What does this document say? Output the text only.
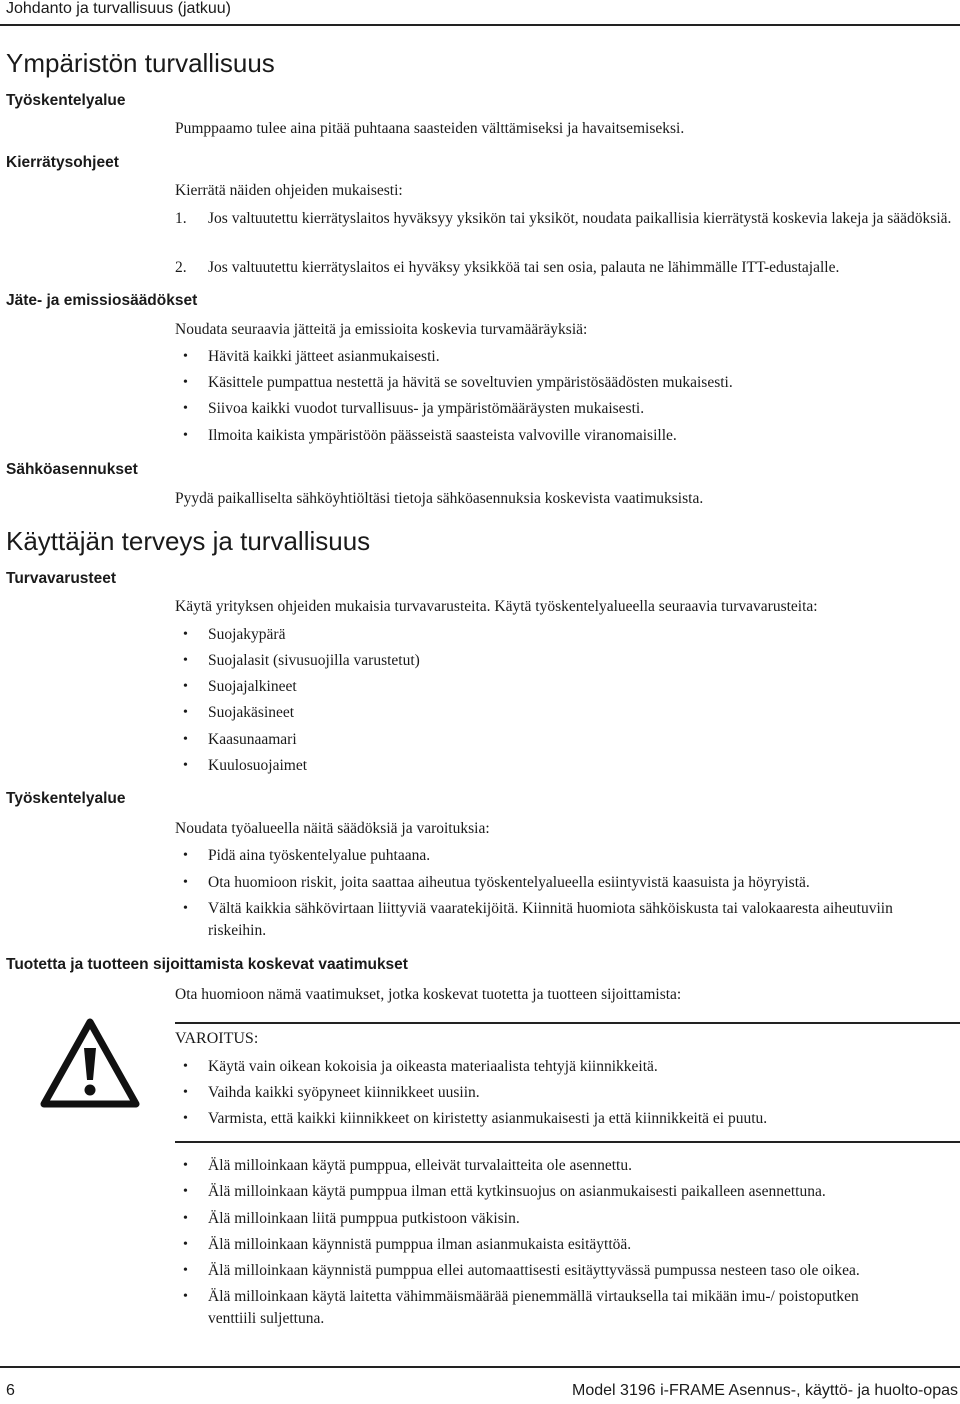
Johdanto ja turvallisuus (jatkuu)
Ympäristön turvallisuus
Työskentelyalue
Pumppaamo tulee aina pitää puhtaana saasteiden välttämiseksi ja havaitsemiseksi.
Kierrätysohjeet
Kierrätä näiden ohjeiden mukaisesti:
1. Jos valtuutettu kierrätyslaitos hyväksyy yksikön tai yksiköt, noudata paikallisia kierrätystä koskevia lakeja ja säädöksiä.
2. Jos valtuutettu kierrätyslaitos ei hyväksy yksikköä tai sen osia, palauta ne lähimmälle ITT-edustajalle.
Jäte- ja emissiosäädökset
Noudata seuraavia jätteitä ja emissioita koskevia turvamääräyksiä:
• Hävitä kaikki jätteet asianmukaisesti.
• Käsittele pumpattua nestettä ja hävitä se soveltuvien ympäristösäädösten mukaisesti.
• Siivoa kaikki vuodot turvallisuus- ja ympäristömääräysten mukaisesti.
• Ilmoita kaikista ympäristöön päässeistä saasteista valvoville viranomaisille.
Sähköasennukset
Pyydä paikalliselta sähköyhtiöltäsi tietoja sähköasennuksia koskevista vaatimuksista.
Käyttäjän terveys ja turvallisuus
Turvavarusteet
Käytä yrityksen ohjeiden mukaisia turvavarusteita. Käytä työskentelyalueella seuraavia turvavarusteita:
• Suojakypärä
• Suojalasit (sivusuojilla varustetut)
• Suojajalkineet
• Suojakäsineet
• Kaasunaamari
• Kuulosuojaimet
Työskentelyalue
Noudata työalueella näitä säädöksiä ja varoituksia:
• Pidä aina työskentelyalue puhtaana.
• Ota huomioon riskit, joita saattaa aiheutua työskentelyalueella esiintyvistä kaasuista ja höyryistä.
• Vältä kaikkia sähkövirtaan liittyviä vaaratekijöitä. Kiinnitä huomiota sähköiskusta tai valokaaresta aiheutuviin riskeihin.
Tuotetta ja tuotteen sijoittamista koskevat vaatimukset
Ota huomioon nämä vaatimukset, jotka koskevat tuotetta ja tuotteen sijoittamista:
VAROITUS:
• Käytä vain oikean kokoisia ja oikeasta materiaalista tehtyjä kiinnikkeitä.
• Vaihda kaikki syöpyneet kiinnikkeet uusiin.
• Varmista, että kaikki kiinnikkeet on kiristetty asianmukaisesti ja että kiinnikkeitä ei puutu.
• Älä milloinkaan käytä pumppua, elleivät turvalaitteita ole asennettu.
• Älä milloinkaan käytä pumppua ilman että kytkinsuojus on asianmukaisesti paikalleen asennettuna.
• Älä milloinkaan liitä pumppua putkistoon väkisin.
• Älä milloinkaan käynnistä pumppua ilman asianmukaista esitäyttöä.
• Älä milloinkaan käynnistä pumppua ellei automaattisesti esitäyttyvässä pumpussa nesteen taso ole oikea.
• Älä milloinkaan käytä laitetta vähimmäismäärää pienemmällä virtauksella tai mikään imu-/ poistoputken venttiili suljettuna.
6	Model 3196 i-FRAME Asennus-, käyttö- ja huolto-opas
